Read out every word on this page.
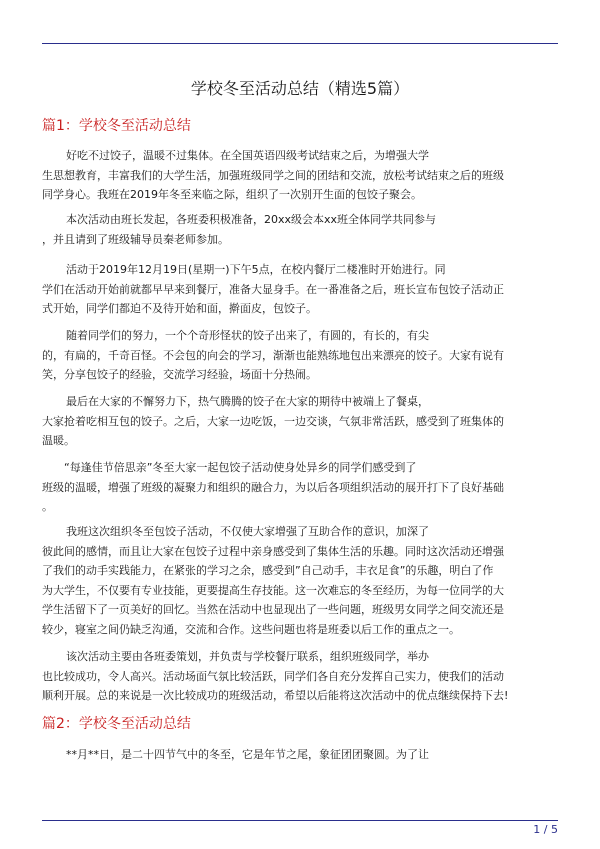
学校冬至活动总结（精选5篇）
篇1：学校冬至活动总结
好吃不过饺子，温暖不过集体。在全国英语四级考试结束之后，为增强大学
生思想教育，丰富我们的大学生活，加强班级同学之间的团结和交流，放松考试结束之后的班级
同学身心。我班在2019年冬至来临之际，组织了一次别开生面的包饺子聚会。
本次活动由班长发起，各班委积极准备，20xx级会本xx班全体同学共同参与
，并且请到了班级辅导员秦老师参加。
活动于2019年12月19日(星期一)下午5点，在校内餐厅二楼准时开始进行。同
学们在活动开始前就都早早来到餐厅，准备大显身手。在一番准备之后，班长宣布包饺子活动正
式开始，同学们都迫不及待开始和面，擀面皮，包饺子。
随着同学们的努力，一个个奇形怪状的饺子出来了，有圆的，有长的，有尖
的，有扁的，千奇百怪。不会包的向会的学习，渐渐也能熟练地包出来漂亮的饺子。大家有说有
笑，分享包饺子的经验，交流学习经验，场面十分热闹。
最后在大家的不懈努力下，热气腾腾的饺子在大家的期待中被端上了餐桌，
大家抢着吃相互包的饺子。之后，大家一边吃饭，一边交谈，气氛非常活跃，感受到了班集体的
温暖。
“每逢佳节倍思亲”冬至大家一起包饺子活动使身处异乡的同学们感受到了
班级的温暖，增强了班级的凝聚力和组织的融合力，为以后各项组织活动的展开打下了良好基础
。
我班这次组织冬至包饺子活动，不仅使大家增强了互助合作的意识，加深了
彼此间的感情，而且让大家在包饺子过程中亲身感受到了集体生活的乐趣。同时这次活动还增强
了我们的动手实践能力，在紧张的学习之余，感受到”自己动手，丰衣足食”的乐趣，明白了作
为大学生，不仅要有专业技能，更要提高生存技能。这一次难忘的冬至经历，为每一位同学的大
学生活留下了一页美好的回忆。当然在活动中也显现出了一些问题，班级男女同学之间交流还是
较少，寝室之间仍缺乏沟通，交流和合作。这些问题也将是班委以后工作的重点之一。
该次活动主要由各班委策划，并负责与学校餐厅联系，组织班级同学，举办
也比较成功，令人高兴。活动场面气氛比较活跃，同学们各自充分发挥自己实力，使我们的活动
顺利开展。总的来说是一次比较成功的班级活动，希望以后能将这次活动中的优点继续保持下去!
篇2：学校冬至活动总结
**月**日，是二十四节气中的冬至，它是年节之尾，象征团团聚圆。为了让
1 / 5
